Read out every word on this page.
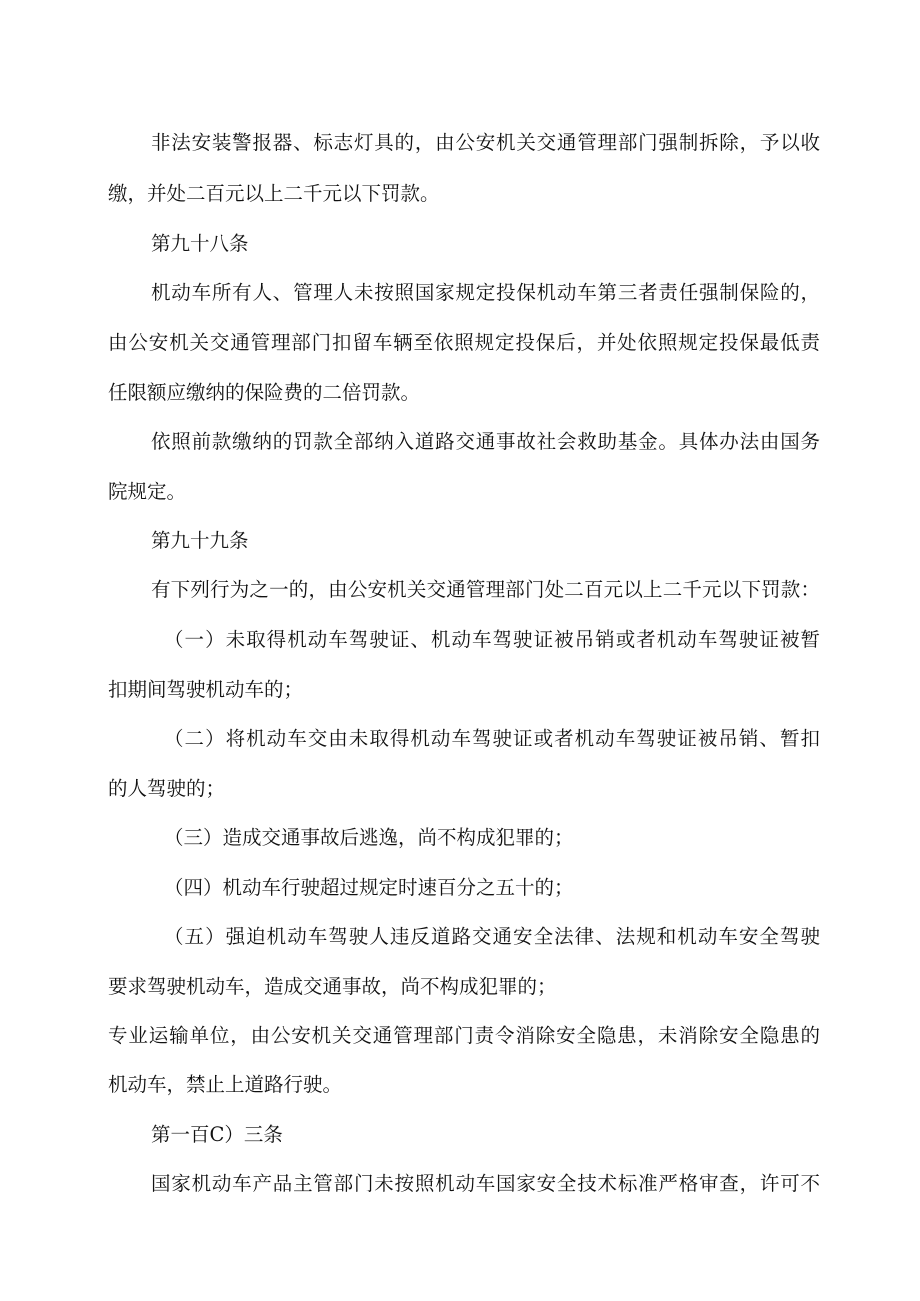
非法安装警报器、标志灯具的，由公安机关交通管理部门强制拆除，予以收
缴，并处二百元以上二千元以下罚款。
第九十八条
机动车所有人、管理人未按照国家规定投保机动车第三者责任强制保险的，
由公安机关交通管理部门扣留车辆至依照规定投保后，并处依照规定投保最低责
任限额应缴纳的保险费的二倍罚款。
依照前款缴纳的罚款全部纳入道路交通事故社会救助基金。具体办法由国务
院规定。
第九十九条
有下列行为之一的，由公安机关交通管理部门处二百元以上二千元以下罚款：
（一）未取得机动车驾驶证、机动车驾驶证被吊销或者机动车驾驶证被暂
扣期间驾驶机动车的；
（二）将机动车交由未取得机动车驾驶证或者机动车驾驶证被吊销、暂扣
的人驾驶的；
（三）造成交通事故后逃逸，尚不构成犯罪的；
（四）机动车行驶超过规定时速百分之五十的；
（五）强迫机动车驾驶人违反道路交通安全法律、法规和机动车安全驾驶
要求驾驶机动车，造成交通事故，尚不构成犯罪的；
专业运输单位，由公安机关交通管理部门责令消除安全隐患，未消除安全隐患的
机动车，禁止上道路行驶。
第一百C）三条
国家机动车产品主管部门未按照机动车国家安全技术标准严格审查，许可不
